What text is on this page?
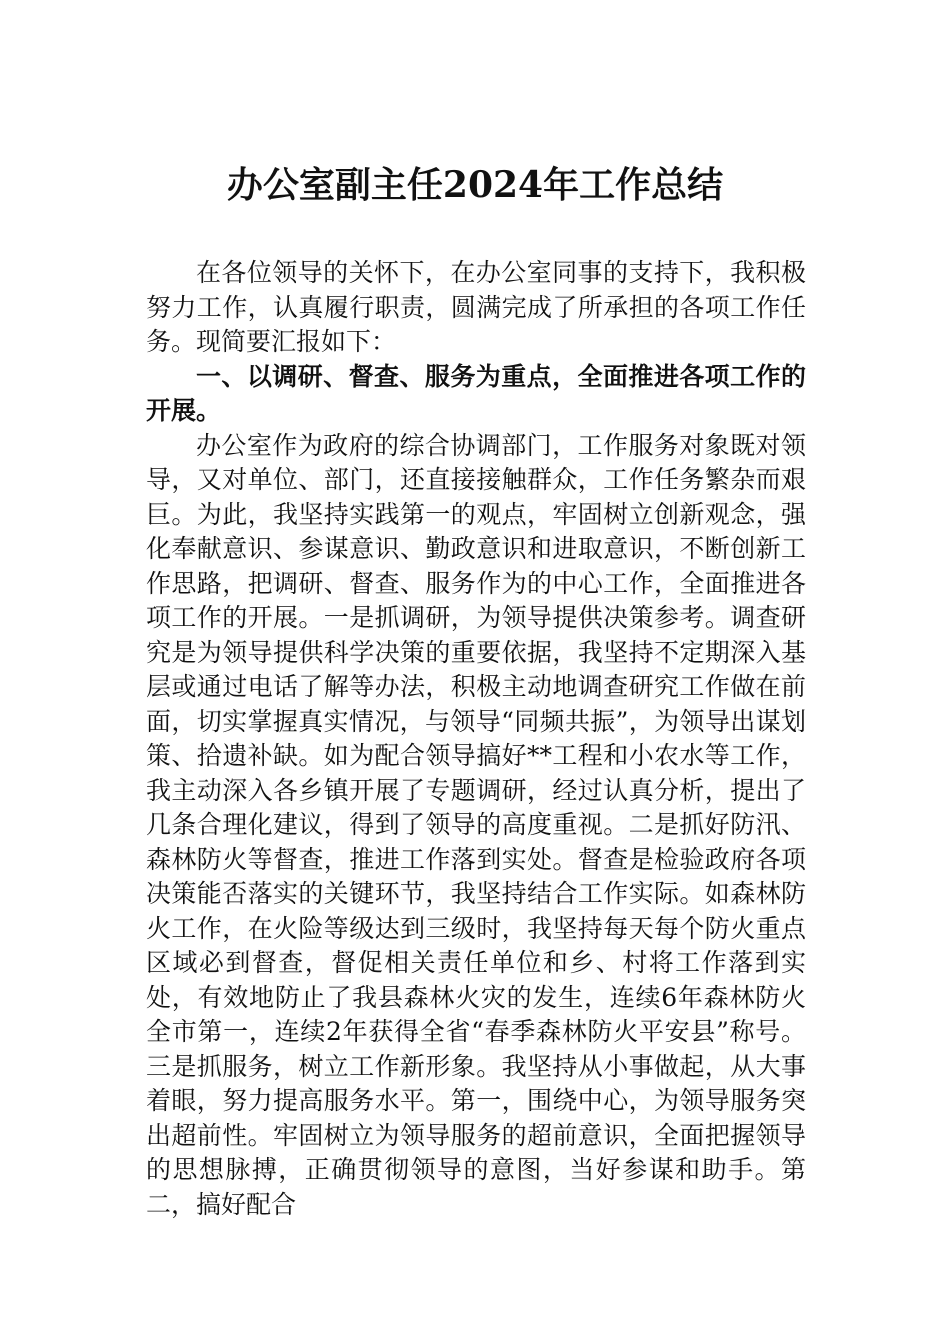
办公室副主任2024年工作总结

在各位领导的关怀下，在办公室同事的支持下，我积极努力工作，认真履行职责，圆满完成了所承担的各项工作任务。现简要汇报如下：

一、以调研、督查、服务为重点，全面推进各项工作的开展。

办公室作为政府的综合协调部门，工作服务对象既对领导，又对单位、部门，还直接接触群众，工作任务繁杂而艰巨。为此，我坚持实践第一的观点，牢固树立创新观念，强化奉献意识、参谋意识、勤政意识和进取意识，不断创新工作思路，把调研、督查、服务作为的中心工作，全面推进各项工作的开展。一是抓调研，为领导提供决策参考。调查研究是为领导提供科学决策的重要依据，我坚持不定期深入基层或通过电话了解等办法，积极主动地调查研究工作做在前面，切实掌握真实情况，与领导“同频共振”，为领导出谋划策、拾遗补缺。如为配合领导搞好**工程和小农水等工作，我主动深入各乡镇开展了专题调研，经过认真分析，提出了几条合理化建议，得到了领导的高度重视。二是抓好防汛、森林防火等督查，推进工作落到实处。督查是检验政府各项决策能否落实的关键环节，我坚持结合工作实际。如森林防火工作，在火险等级达到三级时，我坚持每天每个防火重点区域必到督查，督促相关责任单位和乡、村将工作落到实处，有效地防止了我县森林火灾的发生，连续6年森林防火全市第一，连续2年获得全省“春季森林防火平安县”称号。三是抓服务，树立工作新形象。我坚持从小事做起，从大事着眼，努力提高服务水平。第一，围绕中心，为领导服务突出超前性。牢固树立为领导服务的超前意识，全面把握领导的思想脉搏，正确贯彻领导的意图，当好参谋和助手。第二，搞好配合
